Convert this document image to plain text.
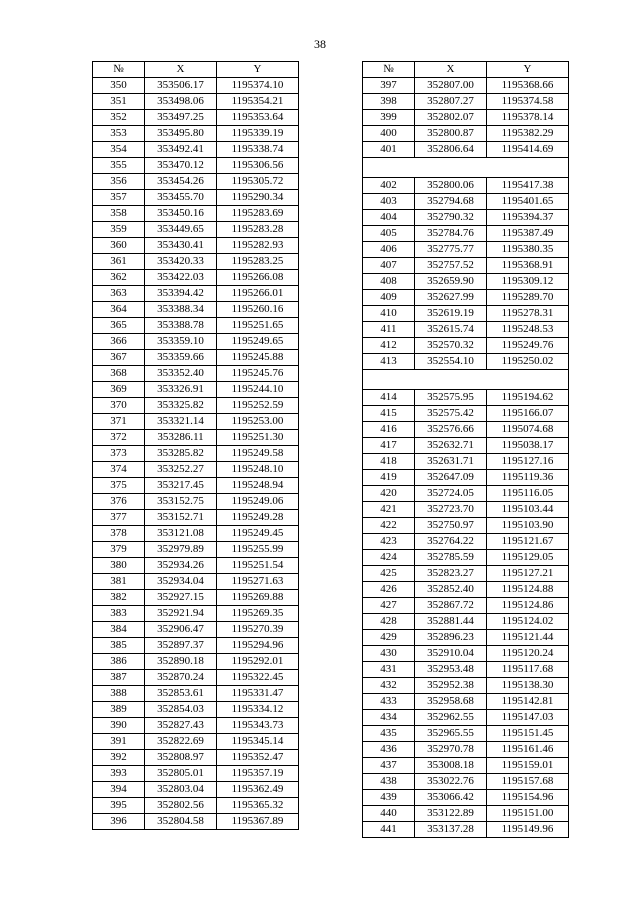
38
№	X	Y
350	353506.17	1195374.10
351	353498.06	1195354.21
352	353497.25	1195353.64
353	353495.80	1195339.19
354	353492.41	1195338.74
355	353470.12	1195306.56
356	353454.26	1195305.72
357	353455.70	1195290.34
358	353450.16	1195283.69
359	353449.65	1195283.28
360	353430.41	1195282.93
361	353420.33	1195283.25
362	353422.03	1195266.08
363	353394.42	1195266.01
364	353388.34	1195260.16
365	353388.78	1195251.65
366	353359.10	1195249.65
367	353359.66	1195245.88
368	353352.40	1195245.76
369	353326.91	1195244.10
370	353325.82	1195252.59
371	353321.14	1195253.00
372	353286.11	1195251.30
373	353285.82	1195249.58
374	353252.27	1195248.10
375	353217.45	1195248.94
376	353152.75	1195249.06
377	353152.71	1195249.28
378	353121.08	1195249.45
379	352979.89	1195255.99
380	352934.26	1195251.54
381	352934.04	1195271.63
382	352927.15	1195269.88
383	352921.94	1195269.35
384	352906.47	1195270.39
385	352897.37	1195294.96
386	352890.18	1195292.01
387	352870.24	1195322.45
388	352853.61	1195331.47
389	352854.03	1195334.12
390	352827.43	1195343.73
391	352822.69	1195345.14
392	352808.97	1195352.47
393	352805.01	1195357.19
394	352803.04	1195362.49
395	352802.56	1195365.32
396	352804.58	1195367.89
№	X	Y
397	352807.00	1195368.66
398	352807.27	1195374.58
399	352802.07	1195378.14
400	352800.87	1195382.29
401	352806.64	1195414.69

402	352800.06	1195417.38
403	352794.68	1195401.65
404	352790.32	1195394.37
405	352784.76	1195387.49
406	352775.77	1195380.35
407	352757.52	1195368.91
408	352659.90	1195309.12
409	352627.99	1195289.70
410	352619.19	1195278.31
411	352615.74	1195248.53
412	352570.32	1195249.76
413	352554.10	1195250.02

414	352575.95	1195194.62
415	352575.42	1195166.07
416	352576.66	1195074.68
417	352632.71	1195038.17
418	352631.71	1195127.16
419	352647.09	1195119.36
420	352724.05	1195116.05
421	352723.70	1195103.44
422	352750.97	1195103.90
423	352764.22	1195121.67
424	352785.59	1195129.05
425	352823.27	1195127.21
426	352852.40	1195124.88
427	352867.72	1195124.86
428	352881.44	1195124.02
429	352896.23	1195121.44
430	352910.04	1195120.24
431	352953.48	1195117.68
432	352952.38	1195138.30
433	352958.68	1195142.81
434	352962.55	1195147.03
435	352965.55	1195151.45
436	352970.78	1195161.46
437	353008.18	1195159.01
438	353022.76	1195157.68
439	353066.42	1195154.96
440	353122.89	1195151.00
441	353137.28	1195149.96
